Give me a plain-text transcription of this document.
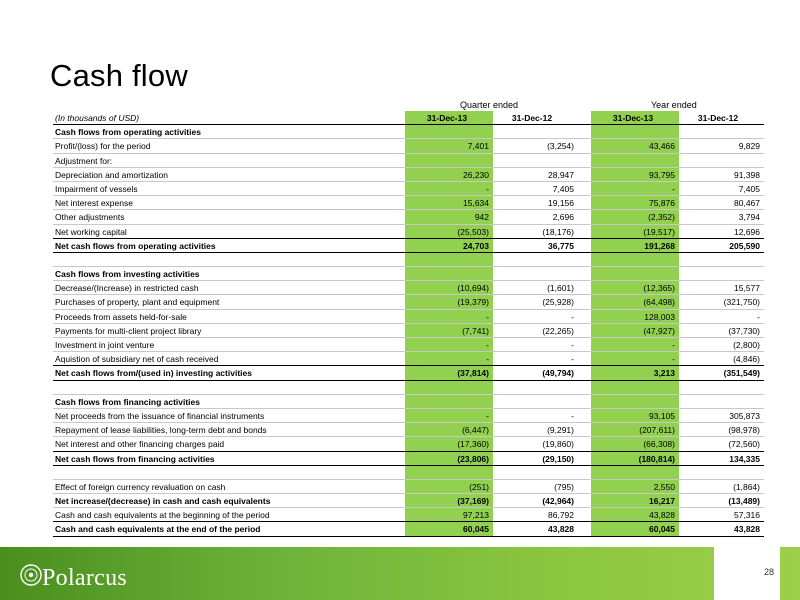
Cash flow
Quarter ended	Year ended
(In thousands of USD)	31-Dec-13	31-Dec-12	31-Dec-13	31-Dec-12
Cash flows from operating activities
Profit/(loss) for the period	7,401	(3,254)	43,466	9,829
Adjustment for:
Depreciation and amortization	26,230	28,947	93,795	91,398
Impairment of vessels	-	7,405	-	7,405
Net interest expense	15,634	19,156	75,876	80,467
Other adjustments	942	2,696	(2,352)	3,794
Net working capital	(25,503)	(18,176)	(19,517)	12,696
Net cash flows from operating activities	24,703	36,775	191,268	205,590
Cash flows from investing activities
Decrease/(Increase) in restricted cash	(10,694)	(1,601)	(12,365)	15,577
Purchases of property, plant and equipment	(19,379)	(25,928)	(64,498)	(321,750)
Proceeds from assets held-for-sale	-	-	128,003	-
Payments for multi-client project library	(7,741)	(22,265)	(47,927)	(37,730)
Investment in joint venture	-	-	-	(2,800)
Aquistion of subsidiary net of cash received	-	-	-	(4,846)
Net cash flows from/(used in) investing activities	(37,814)	(49,794)	3,213	(351,549)
Cash flows from financing activities
Net proceeds from the issuance of financial instruments	-	-	93,105	305,873
Repayment of lease liabilities, long-term debt and bonds	(6,447)	(9,291)	(207,611)	(98,978)
Net interest and other financing charges paid	(17,360)	(19,860)	(66,308)	(72,560)
Net cash flows from financing activities	(23,806)	(29,150)	(180,814)	134,335
Effect of foreign currency revaluation on cash	(251)	(795)	2,550	(1,864)
Net increase/(decrease) in cash and cash equivalents	(37,169)	(42,964)	16,217	(13,489)
Cash and cash equivalents at the beginning of the period	97,213	86,792	43,828	57,316
Cash and cash equivalents at the end of the period	60,045	43,828	60,045	43,828
Polarcus	28
